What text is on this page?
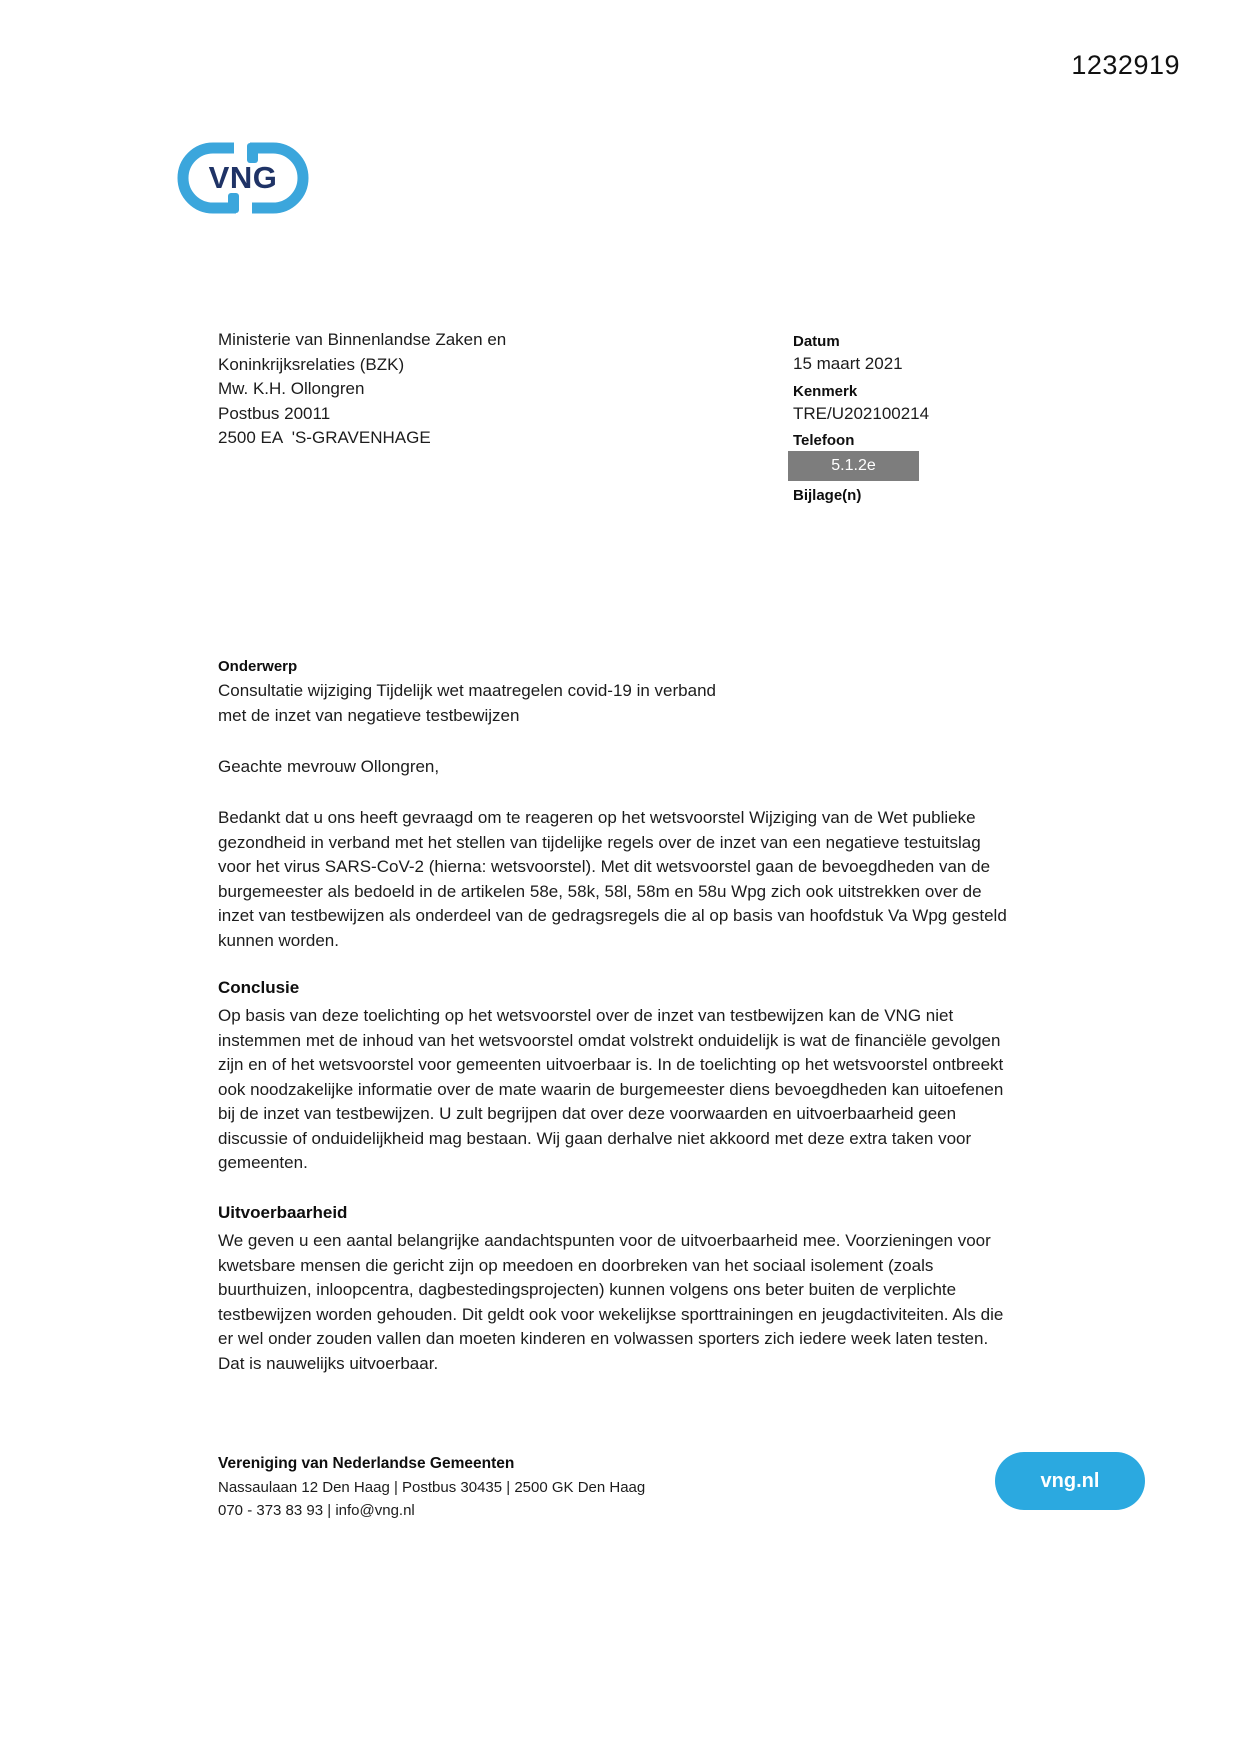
1232919
VNG
Ministerie van Binnenlandse Zaken en
Koninkrijksrelaties (BZK)
Mw. K.H. Ollongren
Postbus 20011
2500 EA  'S-GRAVENHAGE
Datum
15 maart 2021
Kenmerk
TRE/U202100214
Telefoon
5.1.2e
Bijlage(n)
Onderwerp
Consultatie wijziging Tijdelijk wet maatregelen covid-19 in verband met de inzet van negatieve testbewijzen
Geachte mevrouw Ollongren,
Bedankt dat u ons heeft gevraagd om te reageren op het wetsvoorstel Wijziging van de Wet publieke gezondheid in verband met het stellen van tijdelijke regels over de inzet van een negatieve testuitslag voor het virus SARS-CoV-2 (hierna: wetsvoorstel). Met dit wetsvoorstel gaan de bevoegdheden van de burgemeester als bedoeld in de artikelen 58e, 58k, 58l, 58m en 58u Wpg zich ook uitstrekken over de inzet van testbewijzen als onderdeel van de gedragsregels die al op basis van hoofdstuk Va Wpg gesteld kunnen worden.
Conclusie
Op basis van deze toelichting op het wetsvoorstel over de inzet van testbewijzen kan de VNG niet instemmen met de inhoud van het wetsvoorstel omdat volstrekt onduidelijk is wat de financiële gevolgen zijn en of het wetsvoorstel voor gemeenten uitvoerbaar is. In de toelichting op het wetsvoorstel ontbreekt ook noodzakelijke informatie over de mate waarin de burgemeester diens bevoegdheden kan uitoefenen bij de inzet van testbewijzen. U zult begrijpen dat over deze voorwaarden en uitvoerbaarheid geen discussie of onduidelijkheid mag bestaan. Wij gaan derhalve niet akkoord met deze extra taken voor gemeenten.
Uitvoerbaarheid
We geven u een aantal belangrijke aandachtspunten voor de uitvoerbaarheid mee. Voorzieningen voor kwetsbare mensen die gericht zijn op meedoen en doorbreken van het sociaal isolement (zoals buurthuizen, inloopcentra, dagbestedingsprojecten) kunnen volgens ons beter buiten de verplichte testbewijzen worden gehouden. Dit geldt ook voor wekelijkse sporttrainingen en jeugdactiviteiten. Als die er wel onder zouden vallen dan moeten kinderen en volwassen sporters zich iedere week laten testen. Dat is nauwelijks uitvoerbaar.
Vereniging van Nederlandse Gemeenten
Nassaulaan 12 Den Haag | Postbus 30435 | 2500 GK Den Haag
070 - 373 83 93 | info@vng.nl
vng.nl
